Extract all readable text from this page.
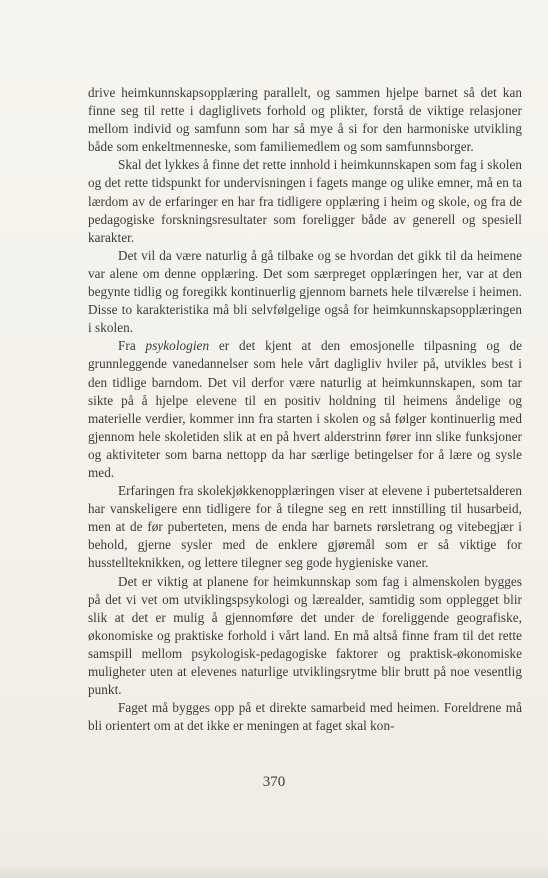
drive heimkunnskapsopplæring parallelt, og sammen hjelpe barnet så det kan finne seg til rette i dagliglivets forhold og plikter, forstå de viktige relasjoner mellom individ og samfunn som har så mye å si for den harmoniske utvikling både som enkeltmenneske, som familiemedlem og som samfunnsborger.

Skal det lykkes å finne det rette innhold i heimkunnskapen som fag i skolen og det rette tidspunkt for undervisningen i fagets mange og ulike emner, må en ta lærdom av de erfaringer en har fra tidligere opplæring i heim og skole, og fra de pedagogiske forskningsresultater som foreligger både av generell og spesiell karakter.

Det vil da være naturlig å gå tilbake og se hvordan det gikk til da heimene var alene om denne opplæring. Det som særpreget opplæringen her, var at den begynte tidlig og foregikk kontinuerlig gjennom barnets hele tilværelse i heimen. Disse to karakteristika må bli selvfølgelige også for heimkunnskapsopplæringen i skolen.

Fra psykologien er det kjent at den emosjonelle tilpasning og de grunnleggende vanedannelser som hele vårt dagligliv hviler på, utvikles best i den tidlige barndom. Det vil derfor være naturlig at heimkunnskapen, som tar sikte på å hjelpe elevene til en positiv holdning til heimens åndelige og materielle verdier, kommer inn fra starten i skolen og så følger kontinuerlig med gjennom hele skoletiden slik at en på hvert alderstrinn fører inn slike funksjoner og aktiviteter som barna nettopp da har særlige betingelser for å lære og sysle med.

Erfaringen fra skolekjøkkenopplæringen viser at elevene i pubertetsalderen har vanskeligere enn tidligere for å tilegne seg en rett innstilling til husarbeid, men at de før puberteten, mens de enda har barnets rørsletrang og vitebegjær i behold, gjerne sysler med de enklere gjøremål som er så viktige for husstellteknikken, og lettere tilegner seg gode hygieniske vaner.

Det er viktig at planene for heimkunnskap som fag i almenskolen bygges på det vi vet om utviklingspsykologi og lærealder, samtidig som opplegget blir slik at det er mulig å gjennomføre det under de foreliggende geografiske, økonomiske og praktiske forhold i vårt land. En må altså finne fram til det rette samspill mellom psykologisk-pedagogiske faktorer og praktisk-økonomiske muligheter uten at elevenes naturlige utviklingsrytme blir brutt på noe vesentlig punkt.

Faget må bygges opp på et direkte samarbeid med heimen. Foreldrene må bli orientert om at det ikke er meningen at faget skal kon-

370
